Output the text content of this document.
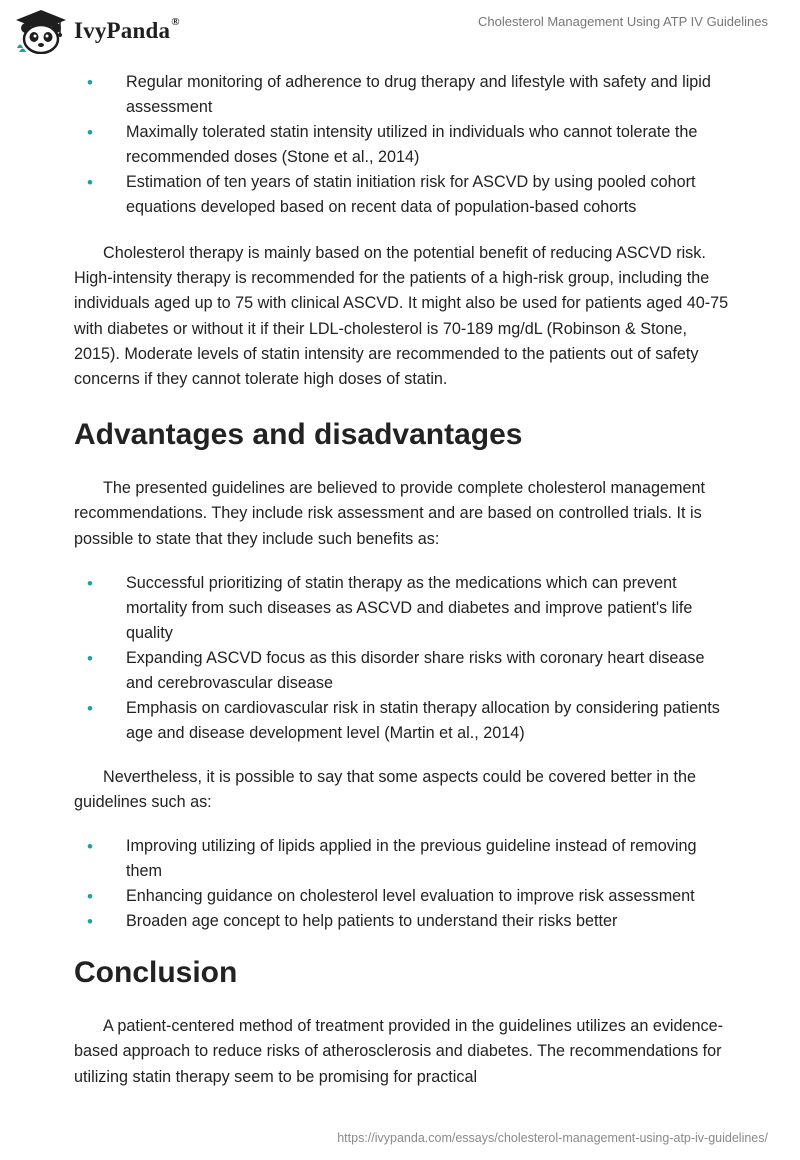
IvyPanda®	Cholesterol Management Using ATP IV Guidelines
• Regular monitoring of adherence to drug therapy and lifestyle with safety and lipid assessment
• Maximally tolerated statin intensity utilized in individuals who cannot tolerate the recommended doses (Stone et al., 2014)
• Estimation of ten years of statin initiation risk for ASCVD by using pooled cohort equations developed based on recent data of population-based cohorts

Cholesterol therapy is mainly based on the potential benefit of reducing ASCVD risk. High-intensity therapy is recommended for the patients of a high-risk group, including the individuals aged up to 75 with clinical ASCVD. It might also be used for patients aged 40-75 with diabetes or without it if their LDL-cholesterol is 70-189 mg/dL (Robinson & Stone, 2015). Moderate levels of statin intensity are recommended to the patients out of safety concerns if they cannot tolerate high doses of statin.

Advantages and disadvantages

The presented guidelines are believed to provide complete cholesterol management recommendations. They include risk assessment and are based on controlled trials. It is possible to state that they include such benefits as:

• Successful prioritizing of statin therapy as the medications which can prevent mortality from such diseases as ASCVD and diabetes and improve patient's life quality
• Expanding ASCVD focus as this disorder share risks with coronary heart disease and cerebrovascular disease
• Emphasis on cardiovascular risk in statin therapy allocation by considering patients age and disease development level (Martin et al., 2014)

Nevertheless, it is possible to say that some aspects could be covered better in the guidelines such as:

• Improving utilizing of lipids applied in the previous guideline instead of removing them
• Enhancing guidance on cholesterol level evaluation to improve risk assessment
• Broaden age concept to help patients to understand their risks better
Conclusion

A patient-centered method of treatment provided in the guidelines utilizes an evidence-based approach to reduce risks of atherosclerosis and diabetes. The recommendations for utilizing statin therapy seem to be promising for practical

https://ivypanda.com/essays/cholesterol-management-using-atp-iv-guidelines/
